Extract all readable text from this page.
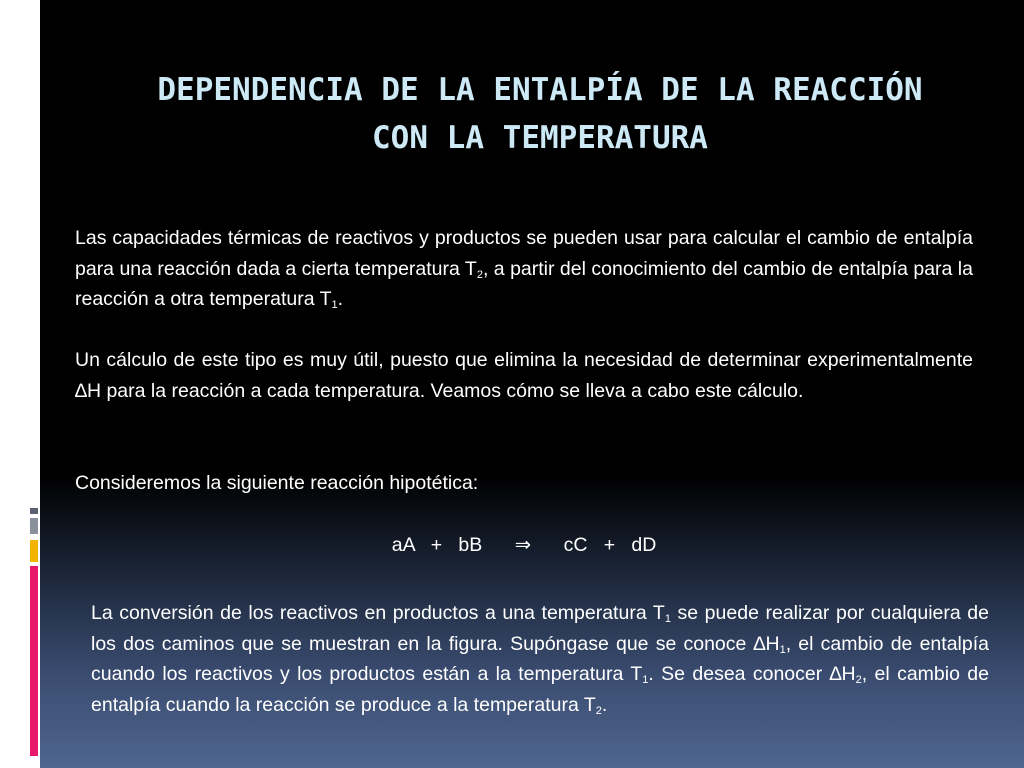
DEPENDENCIA DE LA ENTALPÍA DE LA REACCIÓN
CON LA TEMPERATURA

Las capacidades térmicas de reactivos y productos se pueden usar para calcular el cambio de entalpía para una reacción dada a cierta temperatura $T_2$, a partir del conocimiento del cambio de entalpía para la reacción a otra temperatura $T_1$.

Un cálculo de este tipo es muy útil, puesto que elimina la necesidad de determinar experimentalmente ∆H para la reacción a cada temperatura. Veamos cómo se lleva a cabo este cálculo.

Consideremos la siguiente reacción hipotética:

aA   +   bB ⇒ cC   +   dD

La conversión de los reactivos en productos a una temperatura $T_1$ se puede realizar por cualquiera de los dos caminos que se muestran en la figura. Supóngase que se conoce $\Delta H_1$, el cambio de entalpía cuando los reactivos y los productos están a la temperatura $T_1$. Se desea conocer $\Delta H_2$, el cambio de entalpía cuando la reacción se produce a la temperatura $T_2$.
